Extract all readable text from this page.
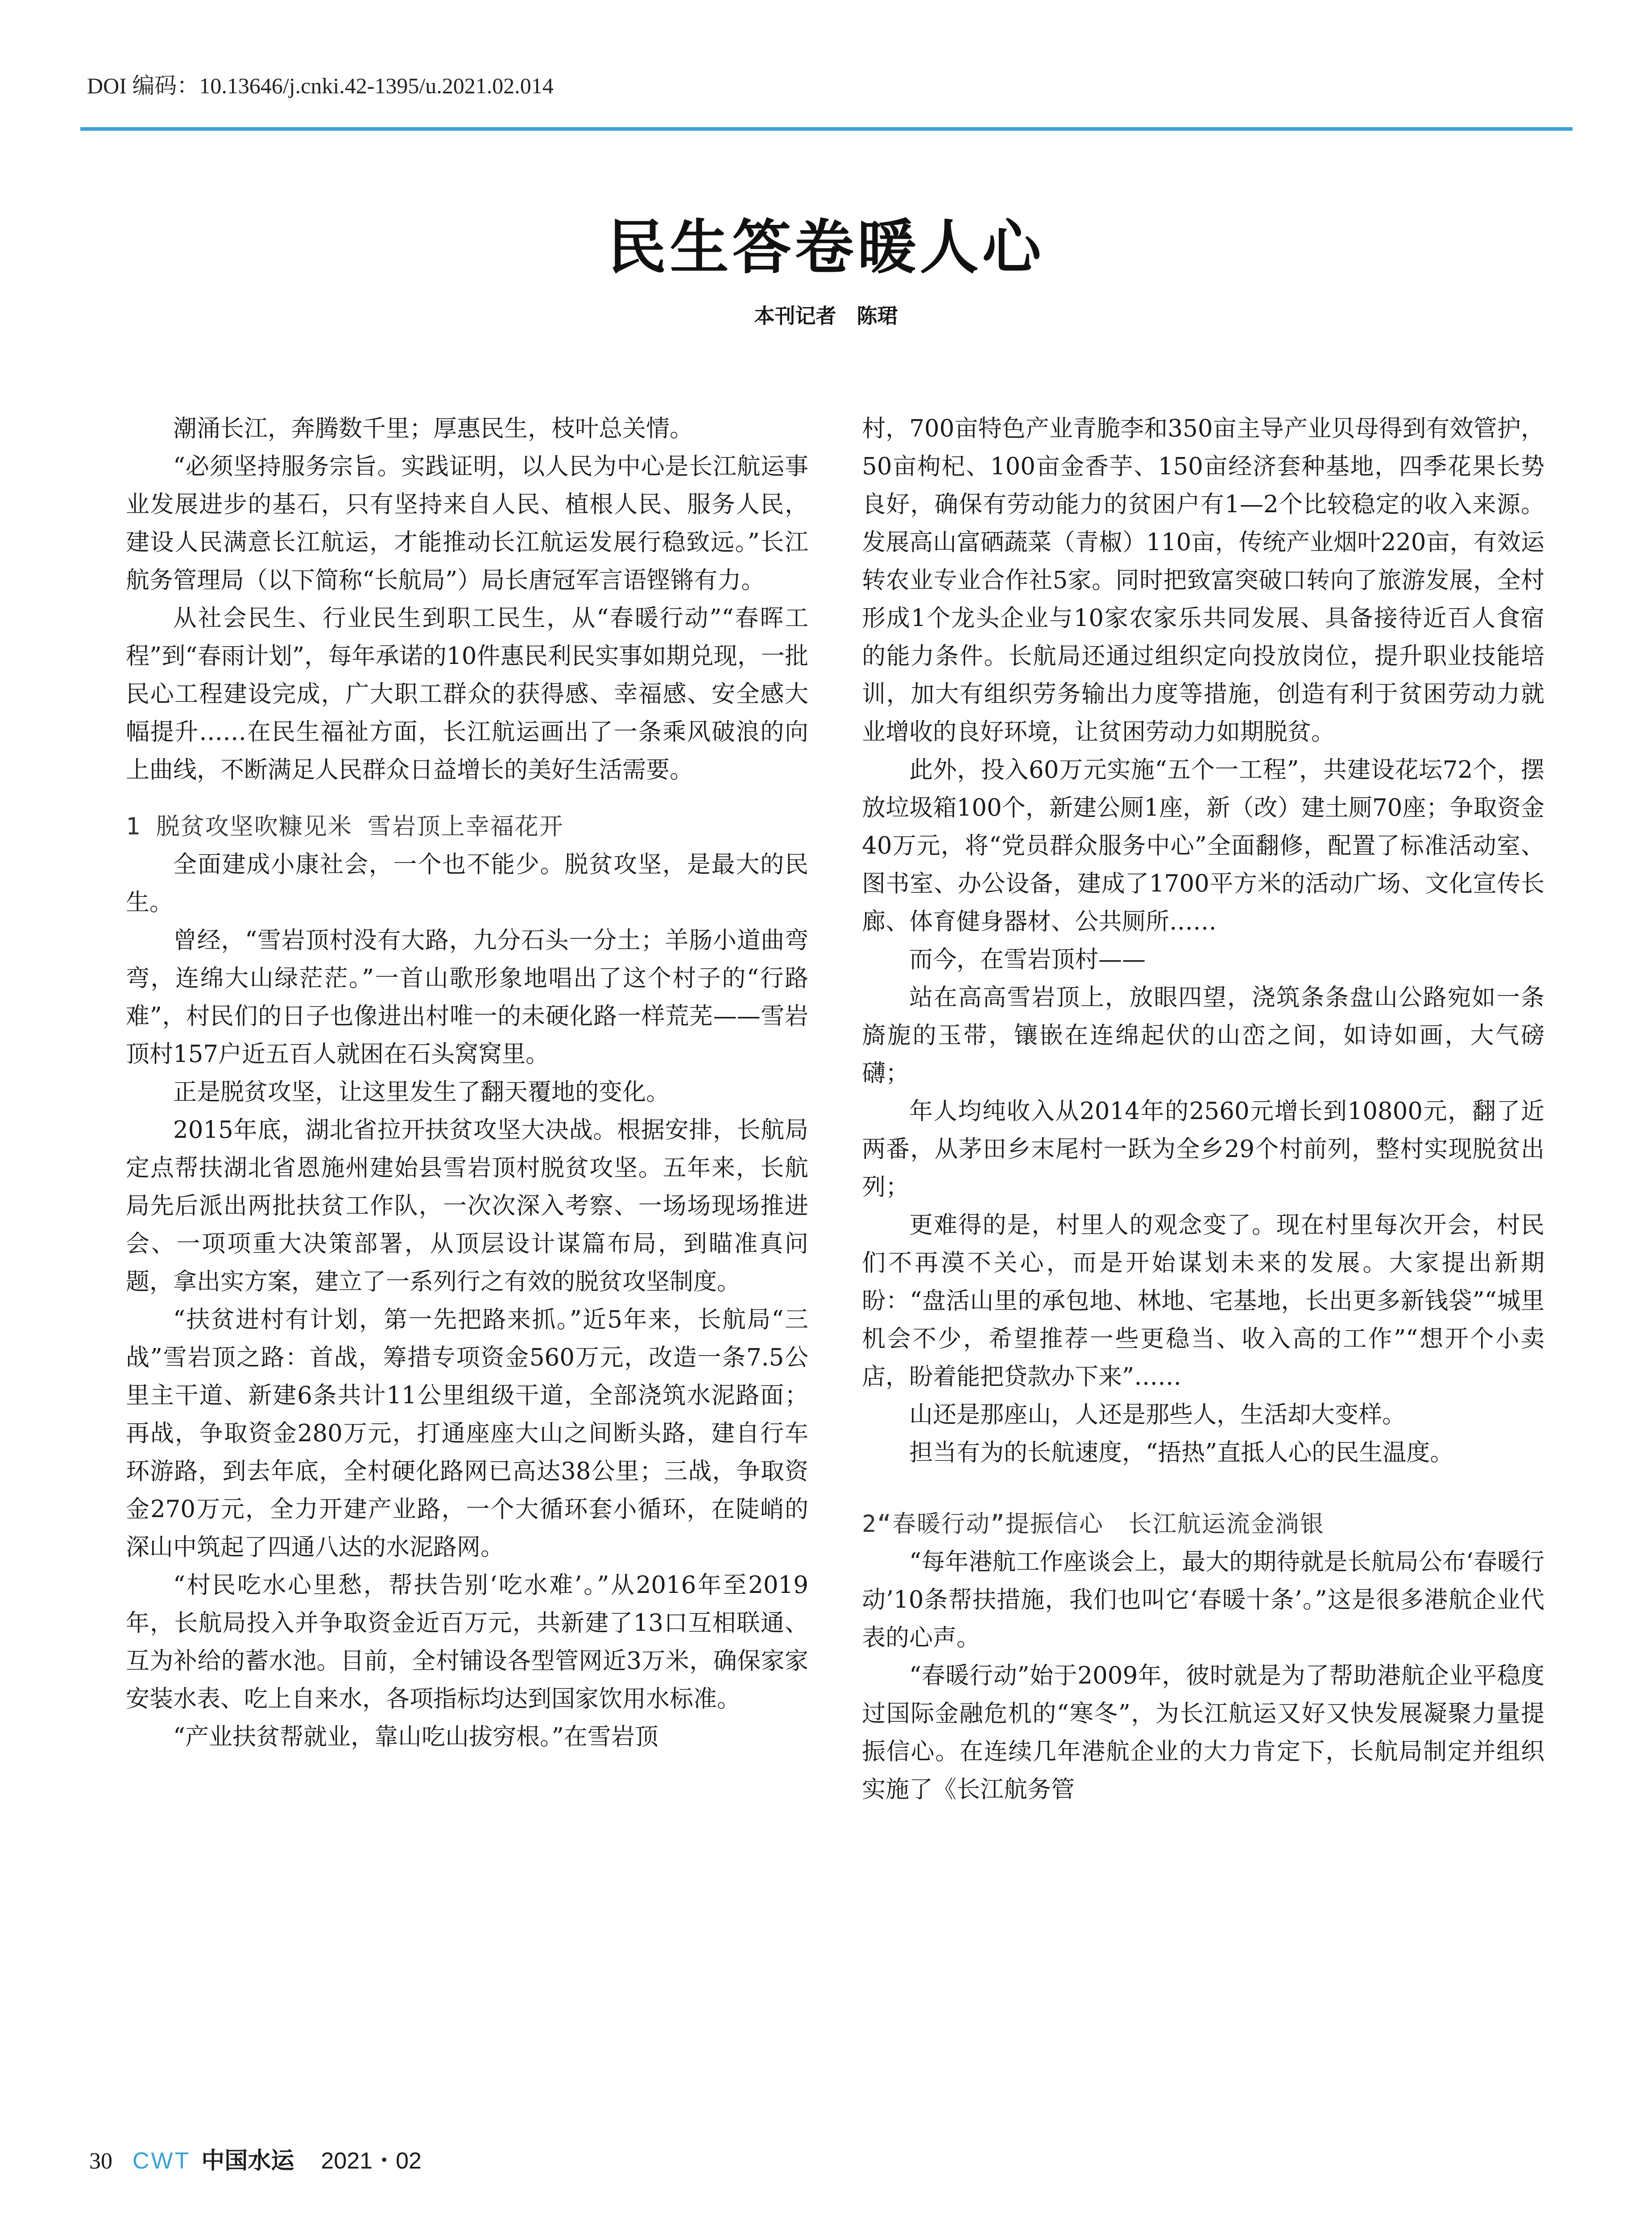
DOI 编码：10.13646/j.cnki.42-1395/u.2021.02.014
民生答卷暖人心
本刊记者　陈珺

潮涌长江，奔腾数千里；厚惠民生，枝叶总关情。

“必须坚持服务宗旨。实践证明，以人民为中心是长江航运事业发展进步的基石，只有坚持来自人民、植根人民、服务人民，建设人民满意长江航运，才能推动长江航运发展行稳致远。”长江航务管理局（以下简称“长航局”）局长唐冠军言语铿锵有力。

从社会民生、行业民生到职工民生，从“春暖行动”“春晖工程”到“春雨计划”，每年承诺的10件惠民利民实事如期兑现，一批民心工程建设完成，广大职工群众的获得感、幸福感、安全感大幅提升……在民生福祉方面，长江航运画出了一条乘风破浪的向上曲线，不断满足人民群众日益增长的美好生活需要。

1 脱贫攻坚吹糠见米 雪岩顶上幸福花开

全面建成小康社会，一个也不能少。脱贫攻坚，是最大的民生。

曾经，“雪岩顶村没有大路，九分石头一分土；羊肠小道曲弯弯，连绵大山绿茫茫。”一首山歌形象地唱出了这个村子的“行路难”，村民们的日子也像进出村唯一的未硬化路一样荒芜——雪岩顶村157户近五百人就困在石头窝窝里。

正是脱贫攻坚，让这里发生了翻天覆地的变化。

2015年底，湖北省拉开扶贫攻坚大决战。根据安排，长航局定点帮扶湖北省恩施州建始县雪岩顶村脱贫攻坚。五年来，长航局先后派出两批扶贫工作队，一次次深入考察、一场场现场推进会、一项项重大决策部署，从顶层设计谋篇布局，到瞄准真问题，拿出实方案，建立了一系列行之有效的脱贫攻坚制度。

“扶贫进村有计划，第一先把路来抓。”近5年来，长航局“三战”雪岩顶之路：首战，筹措专项资金560万元，改造一条7.5公里主干道、新建6条共计11公里组级干道，全部浇筑水泥路面；再战，争取资金280万元，打通座座大山之间断头路，建自行车环游路，到去年底，全村硬化路网已高达38公里；三战，争取资金270万元，全力开建产业路，一个大循环套小循环，在陡峭的深山中筑起了四通八达的水泥路网。

“村民吃水心里愁，帮扶告别‘吃水难’。”从2016年至2019年，长航局投入并争取资金近百万元，共新建了13口互相联通、互为补给的蓄水池。目前，全村铺设各型管网近3万米，确保家家安装水表、吃上自来水，各项指标均达到国家饮用水标准。

“产业扶贫帮就业，靠山吃山拔穷根。”在雪岩顶

村，700亩特色产业青脆李和350亩主导产业贝母得到有效管护，50亩枸杞、100亩金香芋、150亩经济套种基地，四季花果长势良好，确保有劳动能力的贫困户有1—2个比较稳定的收入来源。发展高山富硒蔬菜（青椒）110亩，传统产业烟叶220亩，有效运转农业专业合作社5家。同时把致富突破口转向了旅游发展，全村形成1个龙头企业与10家农家乐共同发展、具备接待近百人食宿的能力条件。长航局还通过组织定向投放岗位，提升职业技能培训，加大有组织劳务输出力度等措施，创造有利于贫困劳动力就业增收的良好环境，让贫困劳动力如期脱贫。

此外，投入60万元实施“五个一工程”，共建设花坛72个，摆放垃圾箱100个，新建公厕1座，新（改）建土厕70座；争取资金40万元，将“党员群众服务中心”全面翻修，配置了标准活动室、图书室、办公设备，建成了1700平方米的活动广场、文化宣传长廊、体育健身器材、公共厕所……

而今，在雪岩顶村——

站在高高雪岩顶上，放眼四望，浇筑条条盘山公路宛如一条旖旎的玉带，镶嵌在连绵起伏的山峦之间，如诗如画，大气磅礴；

年人均纯收入从2014年的2560元增长到10800元，翻了近两番，从茅田乡末尾村一跃为全乡29个村前列，整村实现脱贫出列；

更难得的是，村里人的观念变了。现在村里每次开会，村民们不再漠不关心，而是开始谋划未来的发展。大家提出新期盼：“盘活山里的承包地、林地、宅基地，长出更多新钱袋”“城里机会不少，希望推荐一些更稳当、收入高的工作”“想开个小卖店，盼着能把贷款办下来”……

山还是那座山，人还是那些人，生活却大变样。

担当有为的长航速度，“捂热”直抵人心的民生温度。

2“春暖行动”提振信心　长江航运流金淌银

“每年港航工作座谈会上，最大的期待就是长航局公布‘春暖行动’10条帮扶措施，我们也叫它‘春暖十条’。”这是很多港航企业代表的心声。

“春暖行动”始于2009年，彼时就是为了帮助港航企业平稳度过国际金融危机的“寒冬”，为长江航运又好又快发展凝聚力量提振信心。在连续几年港航企业的大力肯定下，长航局制定并组织实施了《长江航务管

30 CWT 中国水运 2021・02
